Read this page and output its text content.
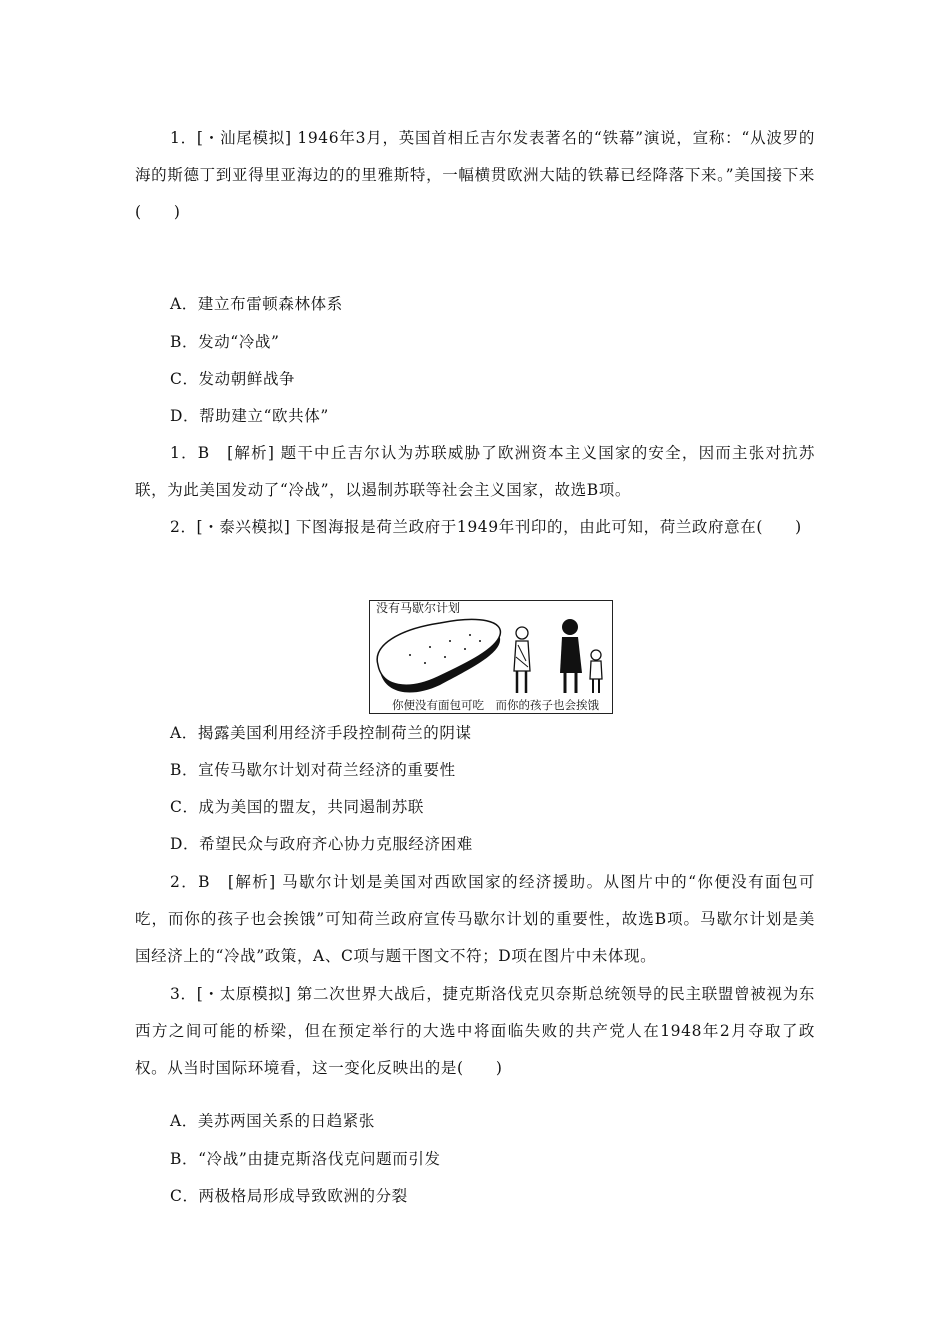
1．[・汕尾模拟] 1946年3月，英国首相丘吉尔发表著名的“铁幕”演说，宣称：“从波罗的海的斯德丁到亚得里亚海边的的里雅斯特，一幅横贯欧洲大陆的铁幕已经降落下来。”美国接下来(　　)

A．建立布雷顿森林体系

B．发动“冷战”

C．发动朝鲜战争

D．帮助建立“欧共体”

1．B　[解析] 题干中丘吉尔认为苏联威胁了欧洲资本主义国家的安全，因而主张对抗苏联，为此美国发动了“冷战”，以遏制苏联等社会主义国家，故选B项。

2．[・泰兴模拟] 下图海报是荷兰政府于1949年刊印的，由此可知，荷兰政府意在(　　)

没有马歇尔计划
你便没有面包可吃　而你的孩子也会挨饿

A．揭露美国利用经济手段控制荷兰的阴谋

B．宣传马歇尔计划对荷兰经济的重要性

C．成为美国的盟友，共同遏制苏联

D．希望民众与政府齐心协力克服经济困难

2．B　[解析] 马歇尔计划是美国对西欧国家的经济援助。从图片中的“你便没有面包可吃，而你的孩子也会挨饿”可知荷兰政府宣传马歇尔计划的重要性，故选B项。马歇尔计划是美国经济上的“冷战”政策，A、C项与题干图文不符；D项在图片中未体现。

3．[・太原模拟] 第二次世界大战后，捷克斯洛伐克贝奈斯总统领导的民主联盟曾被视为东西方之间可能的桥梁，但在预定举行的大选中将面临失败的共产党人在1948年2月夺取了政权。从当时国际环境看，这一变化反映出的是(　　)

A．美苏两国关系的日趋紧张

B．“冷战”由捷克斯洛伐克问题而引发

C．两极格局形成导致欧洲的分裂
